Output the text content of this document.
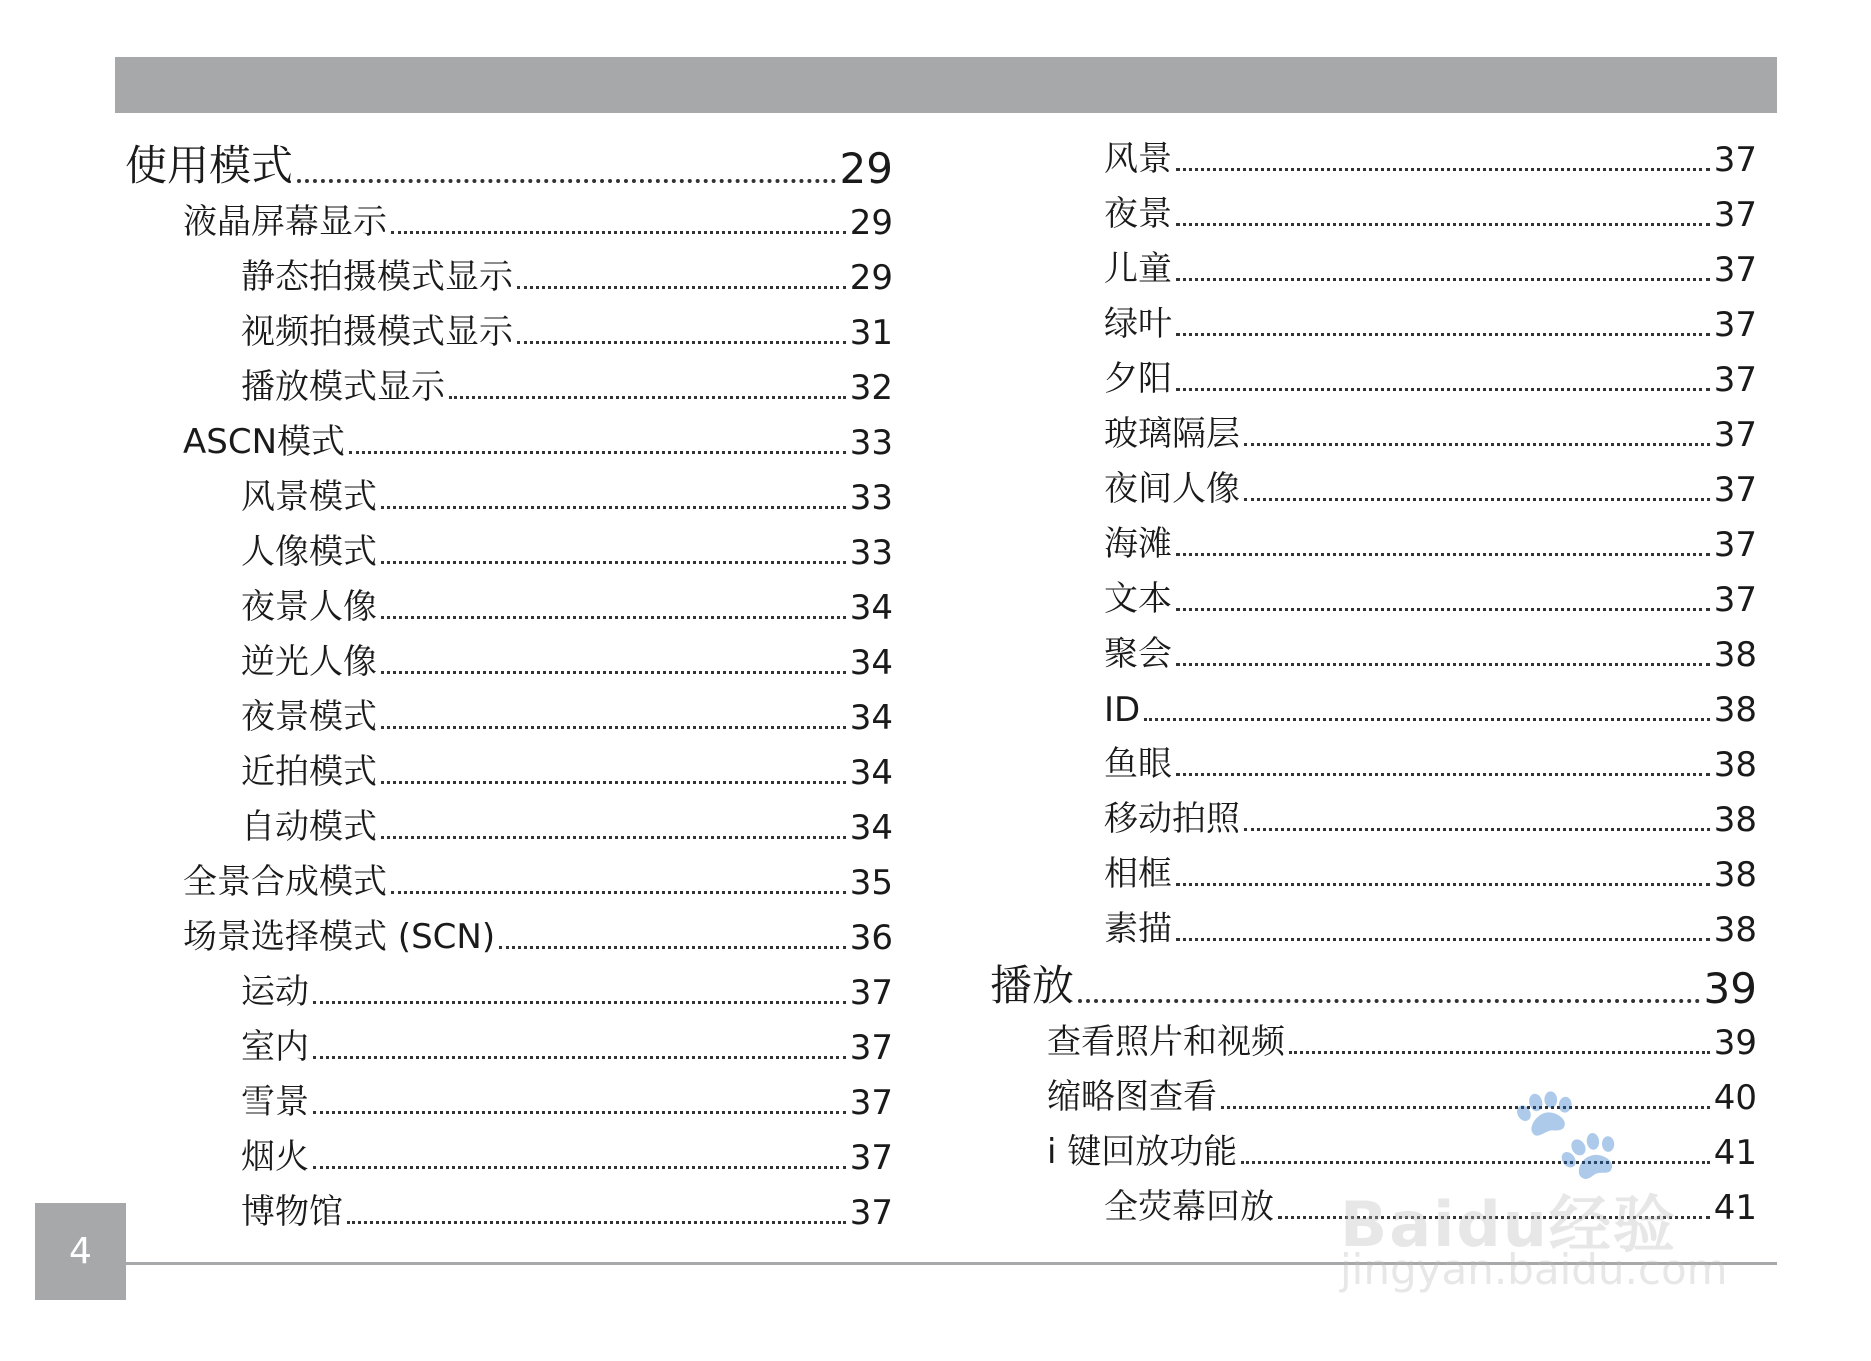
使用模式	29
液晶屏幕显示	29
静态拍摄模式显示	29
视频拍摄模式显示	31
播放模式显示	32
ASCN模式	33
风景模式	33
人像模式	33
夜景人像	34
逆光人像	34
夜景模式	34
近拍模式	34
自动模式	34
全景合成模式	35
场景选择模式 (SCN)	36
运动	37
室内	37
雪景	37
烟火	37
博物馆	37
风景	37
夜景	37
儿童	37
绿叶	37
夕阳	37
玻璃隔层	37
夜间人像	37
海滩	37
文本	37
聚会	38
ID	38
鱼眼	38
移动拍照	38
相框	38
素描	38
播放	39
查看照片和视频	39
缩略图查看	40
i 键回放功能	41
全荧幕回放	41
4
🐾
Baidu经验
jingyan.baidu.com
